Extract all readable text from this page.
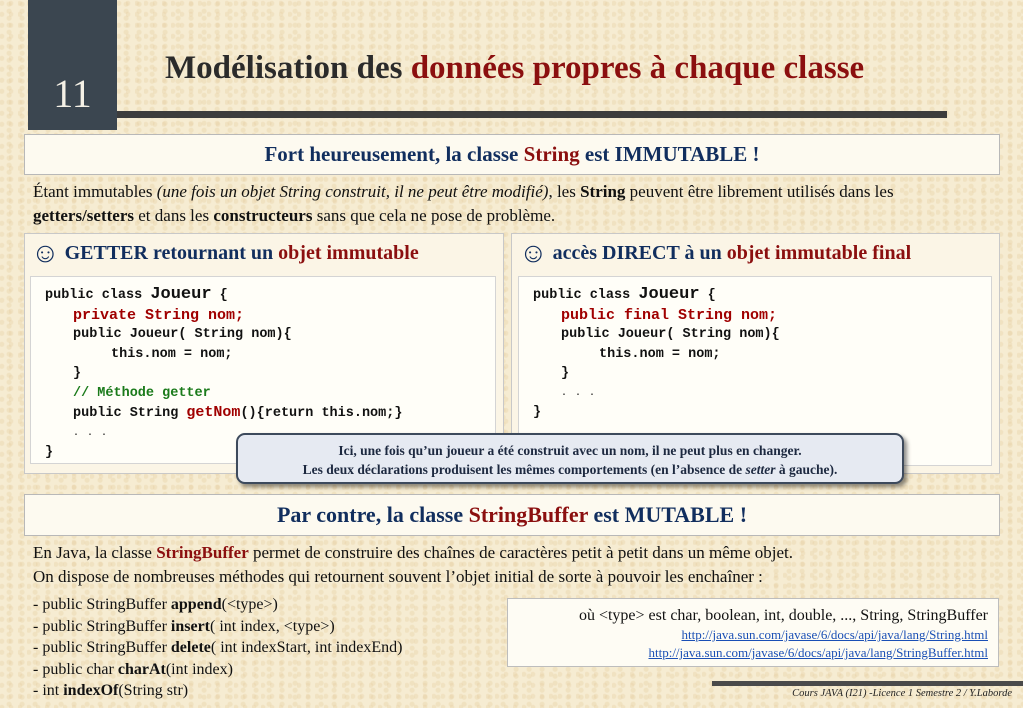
11
Modélisation des données propres à chaque classe
Fort heureusement, la classe String est IMMUTABLE !
Étant immutables (une fois un objet String construit, il ne peut être modifié), les String peuvent être librement utilisés dans les getters/setters et dans les constructeurs sans que cela ne pose de problème.
☺ GETTER retournant un objet immutable
public class Joueur {
private String nom;
public Joueur( String nom){
this.nom = nom;
}
// Méthode getter
public String getNom(){return this.nom;}
. . .
}
☺ accès DIRECT à un objet immutable final
public class Joueur {
public final String nom;
public Joueur( String nom){
this.nom = nom;
}
. . .
}
Ici, une fois qu’un joueur a été construit avec un nom, il ne peut plus en changer.
Les deux déclarations produisent les mêmes comportements (en l’absence de setter à gauche).
Par contre, la classe StringBuffer est MUTABLE !
En Java, la classe StringBuffer permet de construire des chaînes de caractères petit à petit dans un même objet.
On dispose de nombreuses méthodes qui retournent souvent l’objet initial de sorte à pouvoir les enchaîner :
- public StringBuffer append(<type>)
- public StringBuffer insert( int index, <type>)
- public StringBuffer delete( int indexStart, int indexEnd)
- public char charAt(int index)
- int indexOf(String str)
où <type> est char, boolean, int, double, ..., String, StringBuffer
http://java.sun.com/javase/6/docs/api/java/lang/String.html
http://java.sun.com/javase/6/docs/api/java/lang/StringBuffer.html
Cours JAVA (I21) -Licence 1 Semestre 2 / Y.Laborde
